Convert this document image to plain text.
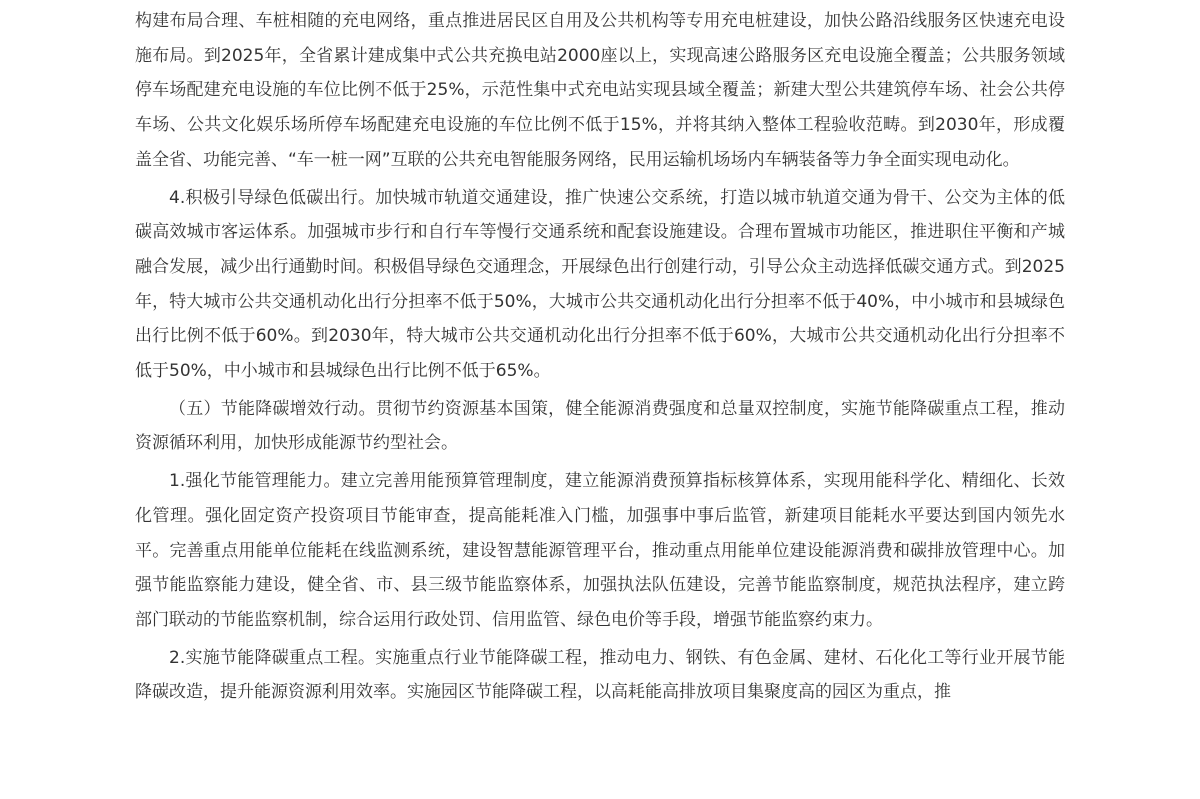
构建布局合理、车桩相随的充电网络，重点推进居民区自用及公共机构等专用充电桩建设，加快公路沿线服务区快速充电设施布局。到2025年，全省累计建成集中式公共充换电站2000座以上，实现高速公路服务区充电设施全覆盖；公共服务领域停车场配建充电设施的车位比例不低于25%，示范性集中式充电站实现县域全覆盖；新建大型公共建筑停车场、社会公共停车场、公共文化娱乐场所停车场配建充电设施的车位比例不低于15%，并将其纳入整体工程验收范畴。到2030年，形成覆盖全省、功能完善、“车一桩一网”互联的公共充电智能服务网络，民用运输机场场内车辆装备等力争全面实现电动化。

4.积极引导绿色低碳出行。加快城市轨道交通建设，推广快速公交系统，打造以城市轨道交通为骨干、公交为主体的低碳高效城市客运体系。加强城市步行和自行车等慢行交通系统和配套设施建设。合理布置城市功能区，推进职住平衡和产城融合发展，减少出行通勤时间。积极倡导绿色交通理念，开展绿色出行创建行动，引导公众主动选择低碳交通方式。到2025年，特大城市公共交通机动化出行分担率不低于50%，大城市公共交通机动化出行分担率不低于40%，中小城市和县城绿色出行比例不低于60%。到2030年，特大城市公共交通机动化出行分担率不低于60%，大城市公共交通机动化出行分担率不低于50%，中小城市和县城绿色出行比例不低于65%。

（五）节能降碳增效行动。贯彻节约资源基本国策，健全能源消费强度和总量双控制度，实施节能降碳重点工程，推动资源循环利用，加快形成能源节约型社会。

1.强化节能管理能力。建立完善用能预算管理制度，建立能源消费预算指标核算体系，实现用能科学化、精细化、长效化管理。强化固定资产投资项目节能审查，提高能耗准入门槛，加强事中事后监管，新建项目能耗水平要达到国内领先水平。完善重点用能单位能耗在线监测系统，建设智慧能源管理平台，推动重点用能单位建设能源消费和碳排放管理中心。加强节能监察能力建设，健全省、市、县三级节能监察体系，加强执法队伍建设，完善节能监察制度，规范执法程序，建立跨部门联动的节能监察机制，综合运用行政处罚、信用监管、绿色电价等手段，增强节能监察约束力。

2.实施节能降碳重点工程。实施重点行业节能降碳工程，推动电力、钢铁、有色金属、建材、石化化工等行业开展节能降碳改造，提升能源资源利用效率。实施园区节能降碳工程，以高耗能高排放项目集聚度高的园区为重点，推
